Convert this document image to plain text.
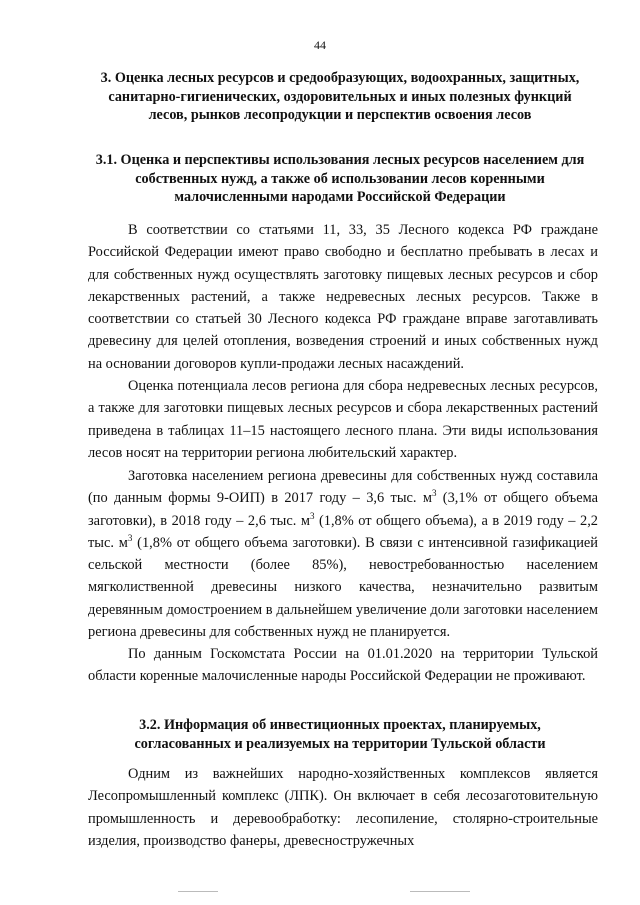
44
3. Оценка лесных ресурсов и средообразующих, водоохранных, защитных, санитарно-гигиенических, оздоровительных и иных полезных функций лесов, рынков лесопродукции и перспектив освоения лесов
3.1. Оценка и перспективы использования лесных ресурсов населением для собственных нужд, а также об использовании лесов коренными малочисленными народами Российской Федерации

В соответствии со статьями 11, 33, 35 Лесного кодекса РФ граждане Российской Федерации имеют право свободно и бесплатно пребывать в лесах и для собственных нужд осуществлять заготовку пищевых лесных ресурсов и сбор лекарственных растений, а также недревесных лесных ресурсов. Также в соответствии со статьей 30 Лесного кодекса РФ граждане вправе заготавливать древесину для целей отопления, возведения строений и иных собственных нужд на основании договоров купли-продажи лесных насаждений.

Оценка потенциала лесов региона для сбора недревесных лесных ресурсов, а также для заготовки пищевых лесных ресурсов и сбора лекарственных растений приведена в таблицах 11–15 настоящего лесного плана. Эти виды использования лесов носят на территории региона любительский характер.

Заготовка населением региона древесины для собственных нужд составила (по данным формы 9-ОИП) в 2017 году – 3,6 тыс. $м^3$ (3,1% от общего объема заготовки), в 2018 году – 2,6 тыс. $м^3$ (1,8% от общего объема), а в 2019 году – 2,2 тыс. $м^3$ (1,8% от общего объема заготовки). В связи с интенсивной газификацией сельской местности (более 85%), невостребованностью населением мягколиственной древесины низкого качества, незначительно развитым деревянным домостроением в дальнейшем увеличение доли заготовки населением региона древесины для собственных нужд не планируется.

По данным Госкомстата России на 01.01.2020 на территории Тульской области коренные малочисленные народы Российской Федерации не проживают.

3.2. Информация об инвестиционных проектах, планируемых, согласованных и реализуемых на территории Тульской области

Одним из важнейших народно-хозяйственных комплексов является Лесопромышленный комплекс (ЛПК). Он включает в себя лесозаготовительную промышленность и деревообработку: лесопиление, столярно-строительные изделия, производство фанеры, древесностружечных
